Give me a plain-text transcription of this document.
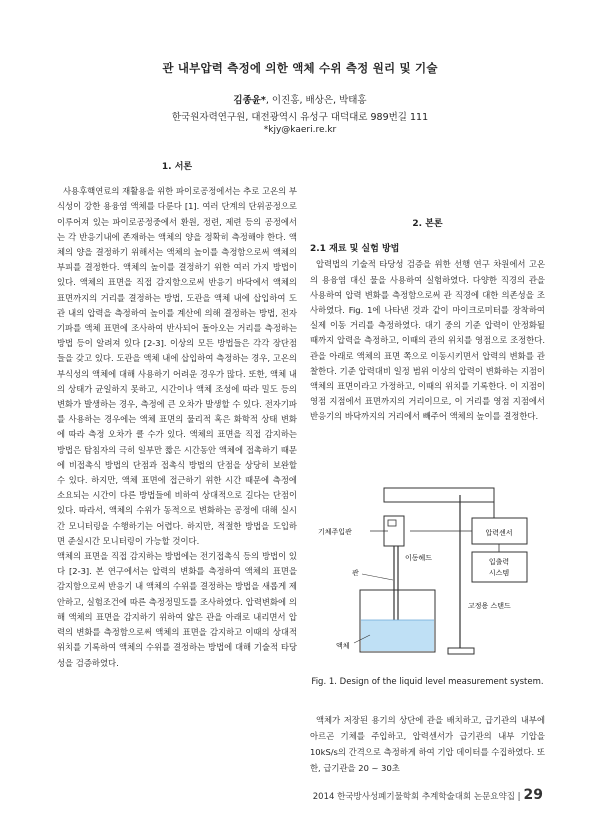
관 내부압력 측정에 의한 액체 수위 측정 원리 및 기술
김종윤*, 이진홍, 배상은, 박태홍
한국원자력연구원, 대전광역시 유성구 대덕대로 989번길 111
*kjy@kaeri.re.kr

1. 서론

사용후핵연료의 재활용을 위한 파이로공정에서는 추로 고온의 부식성이 강한 용융염 액체를 다룬다 [1]. 여러 단계의 단위공정으로 이루어져 있는 파이로공정중에서 환원, 정련, 제련 등의 공정에서는 각 반응기내에 존재하는 액체의 양을 정확히 측정해야 한다. 액체의 양을 결정하기 위해서는 액체의 높이를 측정함으로써 액체의 부피를 결정한다. 액체의 높이를 결정하기 위한 여러 가지 방법이 있다. 액체의 표면을 직접 감지함으로써 반응기 바닥에서 액체의 표면까지의 거리를 결정하는 방법, 도관을 액체 내에 삽입하여 도관 내의 압력을 측정하여 높이를 계산에 의해 결정하는 방법, 전자기파를 액체 표면에 조사하여 반사되어 돌아오는 거리를 측정하는 방법 등이 알려져 있다 [2-3]. 이상의 모든 방법들은 각각 장단점들을 갖고 있다. 도관을 액체 내에 삽입하여 측정하는 경우, 고온의 부식성의 액체에 대해 사용하기 어려운 경우가 많다. 또한, 액체 내의 상태가 균일하지 못하고, 시간이나 액체 조성에 따라 밀도 등의 변화가 발생하는 경우, 측정에 큰 오차가 발생할 수 있다. 전자기파를 사용하는 경우에는 액체 표면의 물리적 혹은 화학적 상태 변화에 따라 측정 오차가 클 수가 있다. 액체의 표면을 직접 감지하는 방법은 탐침자의 극히 일부만 짧은 시간동안 액체에 접촉하기 때문에 비접촉식 방법의 단점과 접촉식 방법의 단점을 상당히 보완할 수 있다. 하지만, 액체 표면에 접근하기 위한 시간 때문에 측정에 소요되는 시간이 다른 방법들에 비하여 상대적으로 길다는 단점이 있다. 따라서, 액체의 수위가 동적으로 변화하는 공정에 대해 실시간 모니터링을 수행하기는 어렵다. 하지만, 적절한 방법을 도입하면 준실시간 모니터링이 가능할 것이다.

액체의 표면을 직접 감지하는 방법에는 전기접촉식 등의 방법이 있다 [2-3]. 본 연구에서는 압력의 변화를 측정하여 액체의 표면을 감지함으로써 반응기 내 액체의 수위를 결정하는 방법을 새롭게 제안하고, 실험조건에 따른 측정정밀도를 조사하였다. 압력변화에 의해 액체의 표면을 감지하기 위하여 얇은 관을 아래로 내리면서 압력의 변화를 측정함으로써 액체의 표면을 감지하고 이때의 상대적 위치를 기록하여 액체의 수위를 결정하는 방법에 대해 기술적 타당성을 검증하였다.

2. 본론

2.1 재료 및 실험 방법

압력법의 기술적 타당성 검증을 위한 선행 연구 차원에서 고온의 용융염 대신 물을 사용하여 실험하였다. 다양한 직경의 관을 사용하여 압력 변화를 측정함으로써 관 직경에 대한 의존성을 조사하였다. Fig. 1에 나타낸 것과 같이 마이크로미터를 장착하여 실제 이동 거리를 측정하였다. 대기 중의 기준 압력이 안정화될 때까지 압력을 측정하고, 이때의 관의 위치를 영점으로 조정한다. 관을 아래로 액체의 표면 쪽으로 이동시키면서 압력의 변화를 관찰한다. 기준 압력대비 일정 범위 이상의 압력이 변화하는 지점이 액체의 표면이라고 가정하고, 이때의 위치를 기록한다. 이 지점이 영점 지점에서 표면까지의 거리이므로, 이 거리를 영점 지점에서 반응기의 바닥까지의 거리에서 빼주어 액체의 높이를 결정한다.

압력센서
입출력
시스템
기체주입관
이동헤드
관
고정용 스탠드
액체
Fig. 1. Design of the liquid level measurement system.

액체가 저장된 용기의 상단에 관을 배치하고, 급기관의 내부에 아르곤 기체를 주입하고, 압력센서가 급기관의 내부 기압을 10kS/s의 간격으로 측정하게 하여 기압 데이터를 수집하였다. 또한, 급기관을 20 ~ 30초

2014 한국방사성폐기물학회 추계학술대회 논문요약집 | 29
